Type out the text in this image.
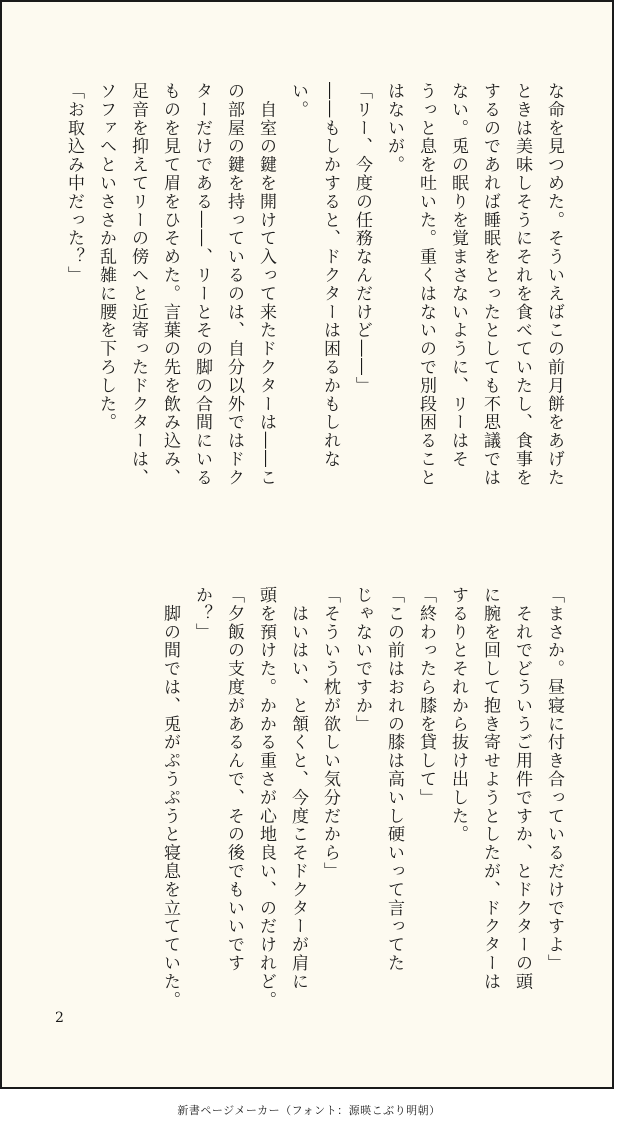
な命を見つめた。そういえばこの前月餅をあげた
ときは美味しそうにそれを食べていたし、食事を
するのであれば睡眠をとったとしても不思議では
ない。兎の眠りを覚まさないように、リーはそ
うっと息を吐いた。重くはないので別段困ること
はないが。
「リー、今度の任務なんだけど――」
――もしかすると、ドクターは困るかもしれな
い。
　自室の鍵を開けて入って来たドクターは――こ
の部屋の鍵を持っているのは、自分以外ではドク
ターだけである――、リーとその脚の合間にいる
ものを見て眉をひそめた。言葉の先を飲み込み、
足音を抑えてリーの傍へと近寄ったドクターは、
ソファへといささか乱雑に腰を下ろした。
「お取込み中だった？」
「まさか。昼寝に付き合っているだけですよ」
　それでどういうご用件ですか、とドクターの頭
に腕を回して抱き寄せようとしたが、ドクターは
するりとそれから抜け出した。
「終わったら膝を貸して」
「この前はおれの膝は高いし硬いって言ってた
じゃないですか」
「そういう枕が欲しい気分だから」
　はいはい、と頷くと、今度こそドクターが肩に
頭を預けた。かかる重さが心地良い、のだけれど。
「夕飯の支度があるんで、その後でもいいです
か？」
　脚の間では、兎がぷうぷうと寝息を立てていた。
2
新書ページメーカー（フォント：源暎こぶり明朝）
